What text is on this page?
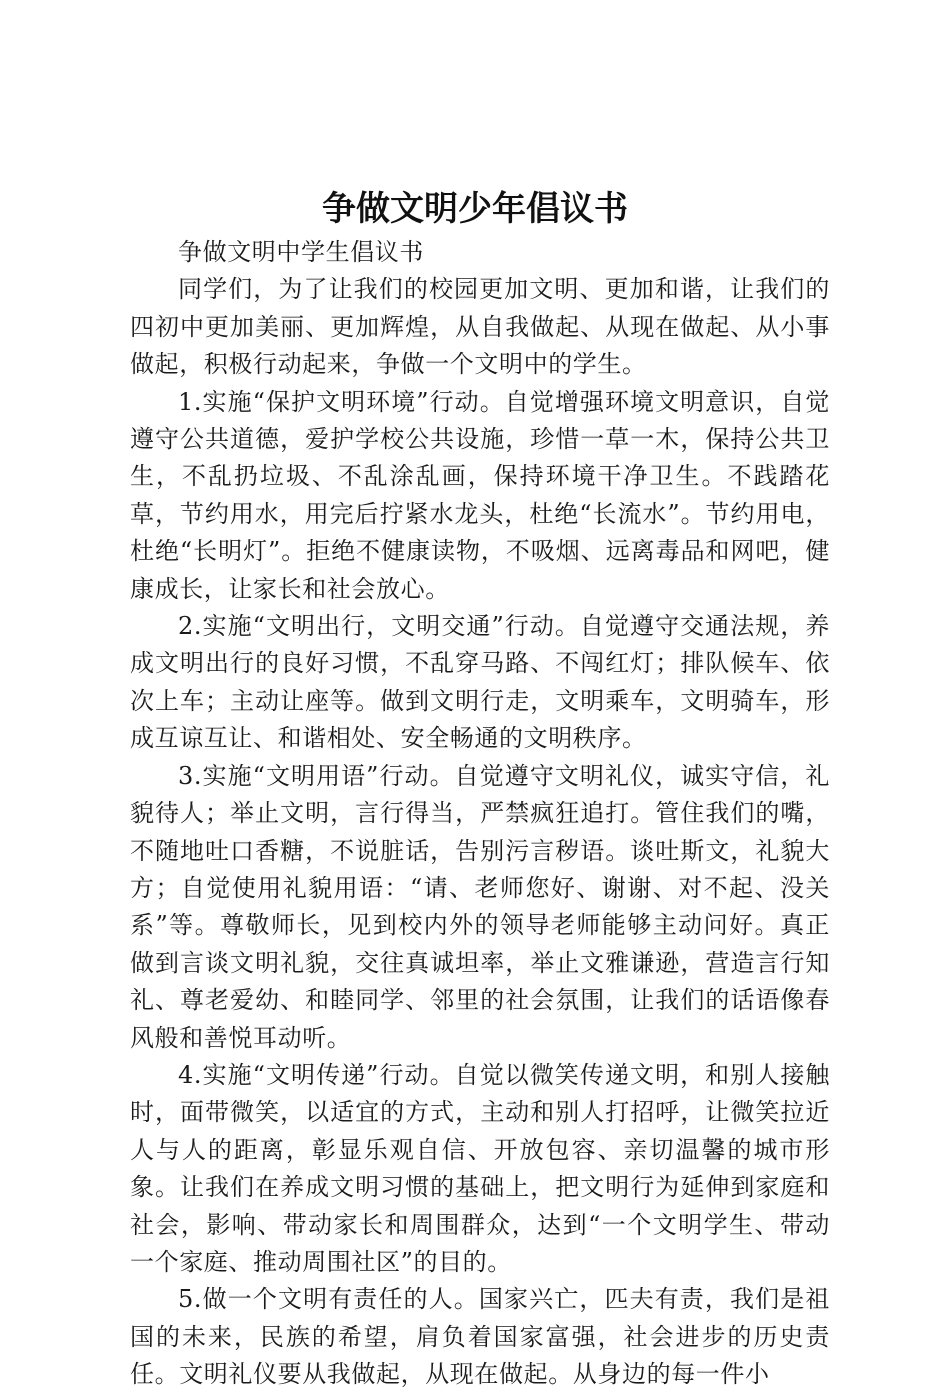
争做文明少年倡议书

争做文明中学生倡议书

同学们，为了让我们的校园更加文明、更加和谐，让我们的四初中更加美丽、更加辉煌，从自我做起、从现在做起、从小事做起，积极行动起来，争做一个文明中的学生。

1.实施“保护文明环境”行动。自觉增强环境文明意识，自觉遵守公共道德，爱护学校公共设施，珍惜一草一木，保持公共卫生，不乱扔垃圾、不乱涂乱画，保持环境干净卫生。不践踏花草，节约用水，用完后拧紧水龙头，杜绝“长流水”。节约用电，杜绝“长明灯”。拒绝不健康读物，不吸烟、远离毒品和网吧，健康成长，让家长和社会放心。

2.实施“文明出行，文明交通”行动。自觉遵守交通法规，养成文明出行的良好习惯，不乱穿马路、不闯红灯；排队候车、依次上车；主动让座等。做到文明行走，文明乘车，文明骑车，形成互谅互让、和谐相处、安全畅通的文明秩序。

3.实施“文明用语”行动。自觉遵守文明礼仪，诚实守信，礼貌待人；举止文明，言行得当，严禁疯狂追打。管住我们的嘴，不随地吐口香糖，不说脏话，告别污言秽语。谈吐斯文，礼貌大方；自觉使用礼貌用语：“请、老师您好、谢谢、对不起、没关系”等。尊敬师长，见到校内外的领导老师能够主动问好。真正做到言谈文明礼貌，交往真诚坦率，举止文雅谦逊，营造言行知礼、尊老爱幼、和睦同学、邻里的社会氛围，让我们的话语像春风般和善悦耳动听。

4.实施“文明传递”行动。自觉以微笑传递文明，和别人接触时，面带微笑，以适宜的方式，主动和别人打招呼，让微笑拉近人与人的距离，彰显乐观自信、开放包容、亲切温馨的城市形象。让我们在养成文明习惯的基础上，把文明行为延伸到家庭和社会，影响、带动家长和周围群众，达到“一个文明学生、带动一个家庭、推动周围社区”的目的。

5.做一个文明有责任的人。国家兴亡，匹夫有责，我们是祖国的未来，民族的希望，肩负着国家富强，社会进步的历史责任。文明礼仪要从我做起，从现在做起。从身边的每一件小
